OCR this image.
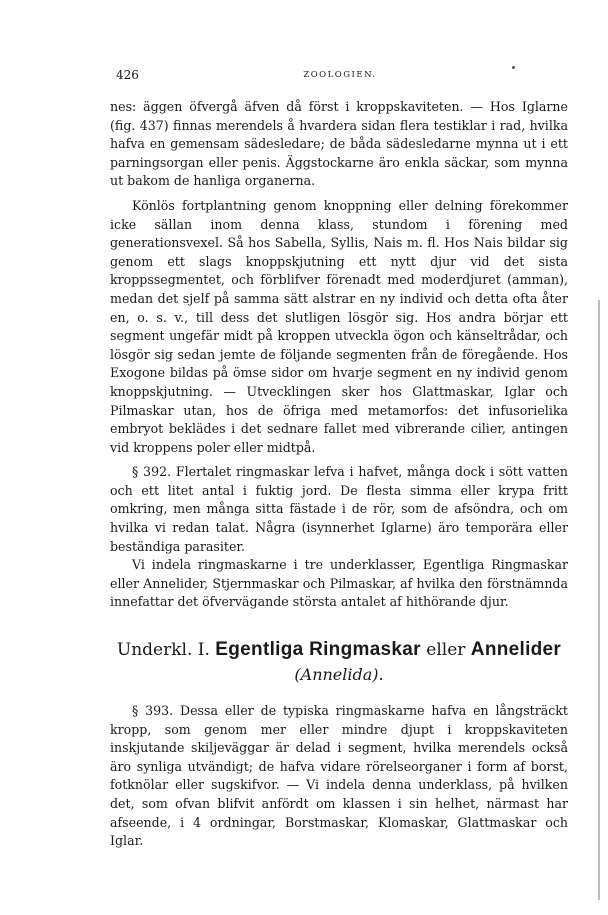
426	ZOOLOGIEN.

nes: äggen öfvergå äfven då först i kroppskaviteten. — Hos Iglarne (fig. 437) finnas merendels å hvardera sidan flera testiklar i rad, hvilka hafva en gemensam sädesledare; de båda sädesledarne mynna ut i ett parningsorgan eller penis. Äggstockarne äro enkla säckar, som mynna ut bakom de hanliga organerna.

Könlös fortplantning genom knoppning eller delning förekommer icke sällan inom denna klass, stundom i förening med generationsvexel. Så hos Sabella, Syllis, Nais m. fl. Hos Nais bildar sig genom ett slags knoppskjutning ett nytt djur vid det sista kroppssegmentet, och förblifver förenadt med moderdjuret (amman), medan det sjelf på samma sätt alstrar en ny individ och detta ofta åter en, o. s. v., till dess det slutligen lösgör sig. Hos andra börjar ett segment ungefär midt på kroppen utveckla ögon och känseltrådar, och lösgör sig sedan jemte de följande segmenten från de föregående. Hos Exogone bildas på ömse sidor om hvarje segment en ny individ genom knoppskjutning. — Utvecklingen sker hos Glattmaskar, Iglar och Pilmaskar utan, hos de öfriga med metamorfos: det infusorielika embryot beklädes i det sednare fallet med vibrerande cilier, antingen vid kroppens poler eller midtpå.

§ 392. Flertalet ringmaskar lefva i hafvet, många dock i sött vatten och ett litet antal i fuktig jord. De flesta simma eller krypa fritt omkring, men många sitta fästade i de rör, som de afsöndra, och om hvilka vi redan talat. Några (isynnerhet Iglarne) äro temporära eller beständiga parasiter.

Vi indela ringmaskarne i tre underklasser, Egentliga Ringmaskar eller Annelider, Stjernmaskar och Pilmaskar, af hvilka den förstnämnda innefattar det öfvervägande största antalet af hithörande djur.

Underkl. I. Egentliga Ringmaskar eller Annelider
(Annelida).

§ 393. Dessa eller de typiska ringmaskarne hafva en långsträckt kropp, som genom mer eller mindre djupt i kroppskaviteten inskjutande skiljeväggar är delad i segment, hvilka merendels också äro synliga utvändigt; de hafva vidare rörelseorganer i form af borst, fotknölar eller sugskifvor. — Vi indela denna underklass, på hvilken det, som ofvan blifvit anfördt om klassen i sin helhet, närmast har afseende, i 4 ordningar, Borstmaskar, Klomaskar, Glattmaskar och Iglar.
